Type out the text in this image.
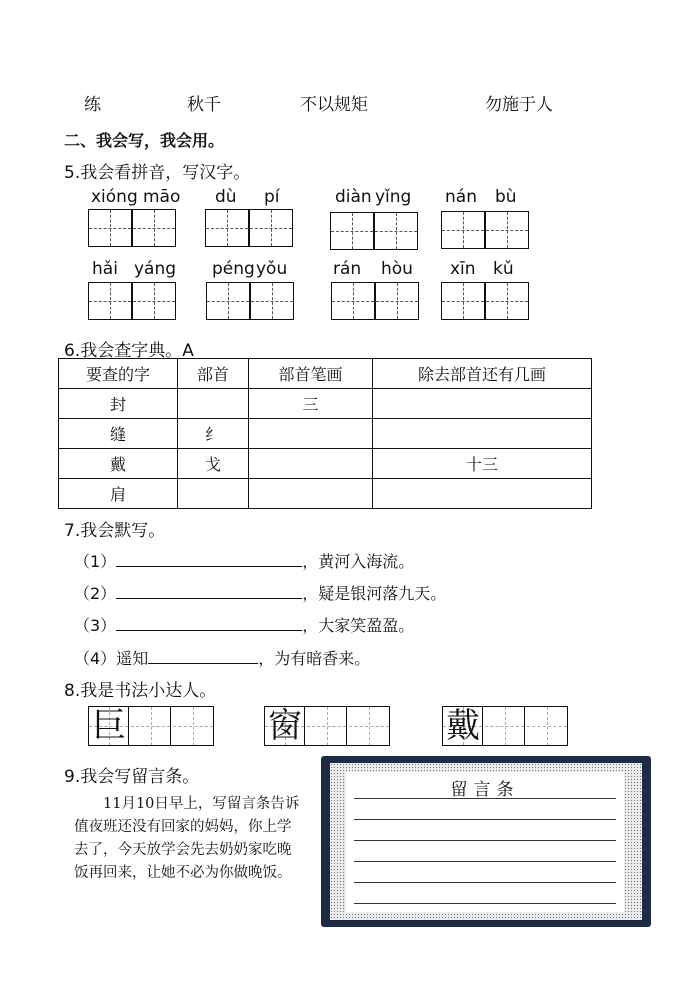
练	秋千	不以规矩	勿施于人
二、我会写，我会用。
5.我会看拼音，写汉字。
xióng māo dù pí	diàn yǐng nán bù
hǎi yáng péng yǒu	rán hòu xīn kǔ
6.我会查字典。A
要查的字	部首	部首笔画	除去部首还有几画
封		三	
缝	纟		
戴	戈		十三
肩			
7.我会默写。
（1）	，黄河入海流。
（2）	，疑是银河落九天。
（3）	，大家笑盈盈。
（4）遥知	，为有暗香来。
8.我是书法小达人。
巨	窗	戴
9.我会写留言条。
11月10日早上，写留言条告诉值夜班还没有回家的妈妈，你上学去了，今天放学会先去奶奶家吃晚饭再回来，让她不必为你做晚饭。
留言条
